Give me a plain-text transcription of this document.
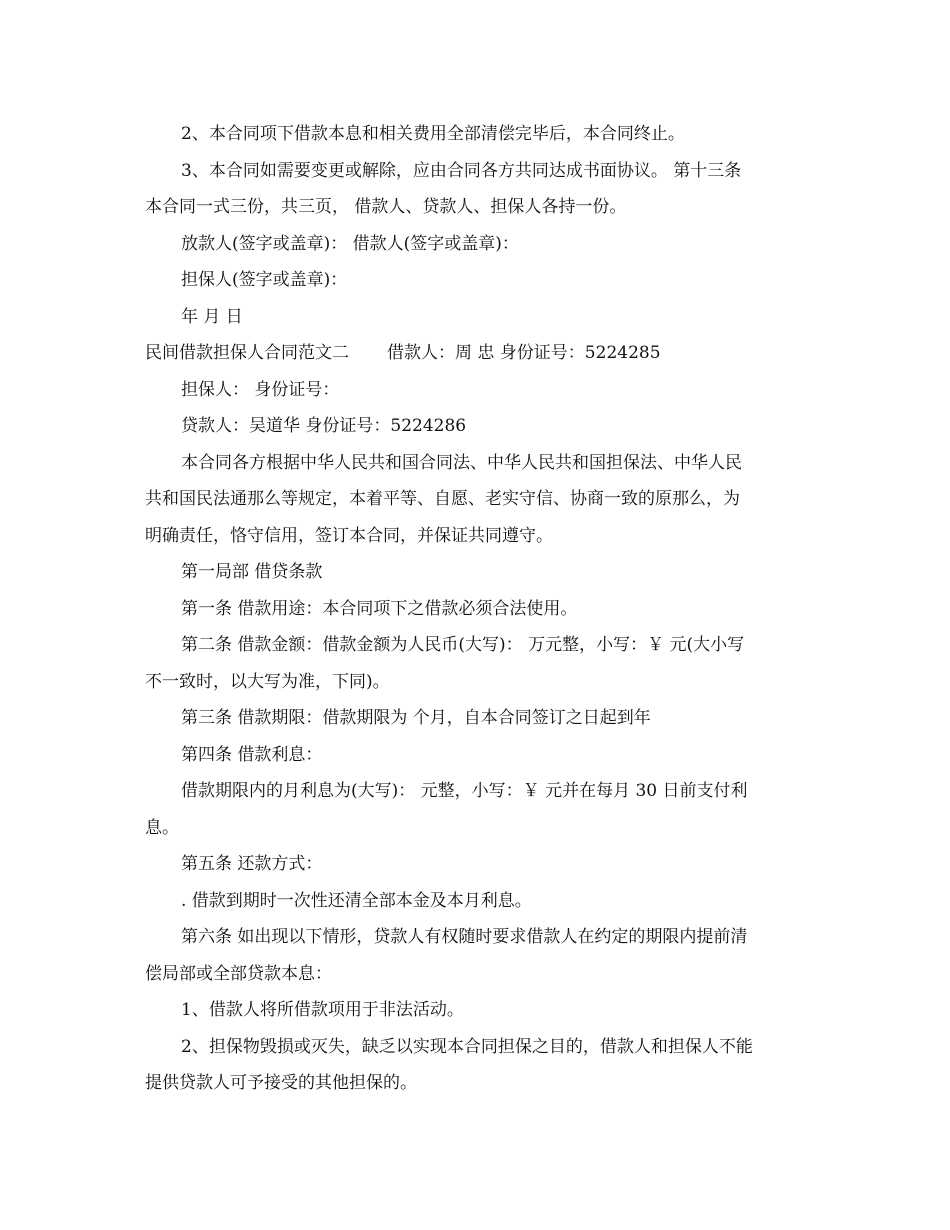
2、本合同项下借款本息和相关费用全部清偿完毕后，本合同终止。

3、本合同如需要变更或解除，应由合同各方共同达成书面协议。 第十三条

本合同一式三份，共三页， 借款人、贷款人、担保人各持一份。

放款人(签字或盖章)： 借款人(签字或盖章)：

担保人(签字或盖章)：

年 月 日

民间借款担保人合同范文二 借款人：周 忠 身份证号：5224285

担保人： 身份证号：

贷款人：吴道华 身份证号：5224286

本合同各方根据中华人民共和国合同法、中华人民共和国担保法、中华人民

共和国民法通那么等规定，本着平等、自愿、老实守信、协商一致的原那么，为

明确责任，恪守信用，签订本合同，并保证共同遵守。

第一局部 借贷条款

第一条 借款用途：本合同项下之借款必须合法使用。

第二条 借款金额：借款金额为人民币(大写)： 万元整，小写：￥ 元(大小写

不一致时，以大写为准，下同)。

第三条 借款期限：借款期限为 个月，自本合同签订之日起到年

第四条 借款利息：

借款期限内的月利息为(大写)： 元整，小写：￥ 元并在每月 30 日前支付利

息。

第五条 还款方式：

. 借款到期时一次性还清全部本金及本月利息。

第六条 如出现以下情形，贷款人有权随时要求借款人在约定的期限内提前清

偿局部或全部贷款本息：

1、借款人将所借款项用于非法活动。

2、担保物毁损或灭失，缺乏以实现本合同担保之目的，借款人和担保人不能

提供贷款人可予接受的其他担保的。
